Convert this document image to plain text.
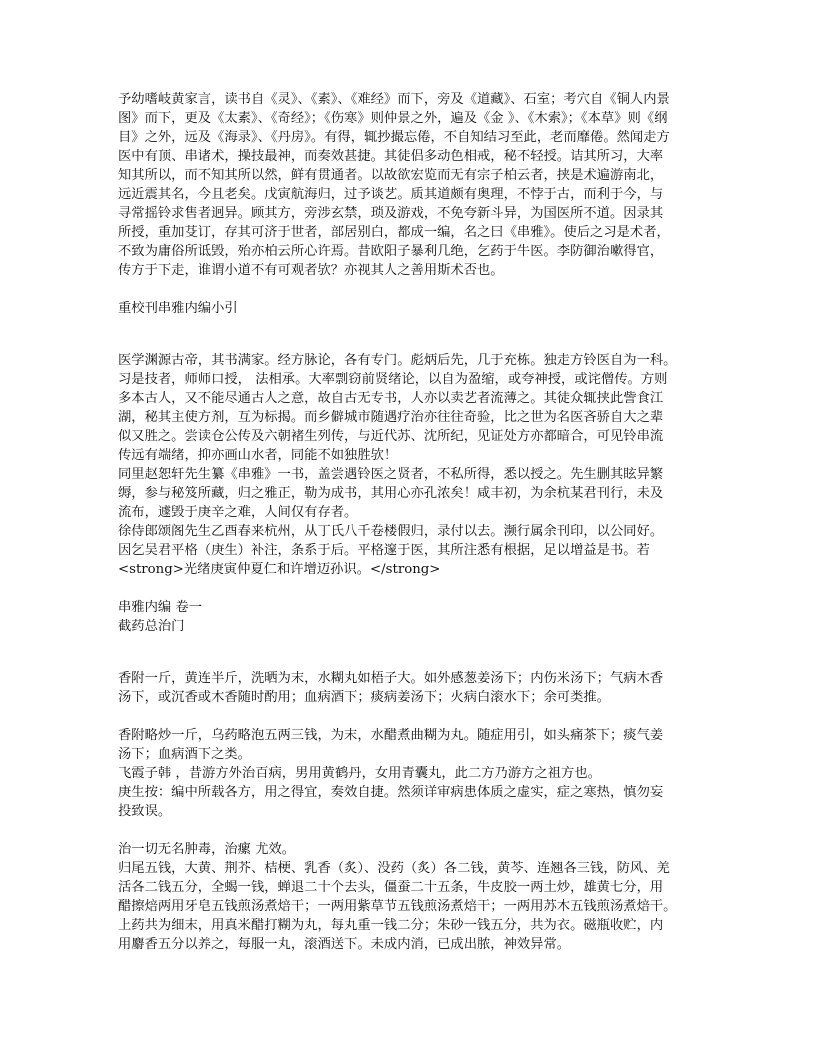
予幼嗜岐黄家言，读书自《灵》、《素》、《难经》而下，旁及《道藏》、石室；考穴自《铜人内景
图》而下，更及《太素》、《奇经》；《伤寒》则仲景之外，遍及《金 》、《木索》；《本草》则《纲
目》之外，远及《海录》、《丹房》。有得，辄抄撮忘倦，不自知结习至此，老而靡倦。然闻走方
医中有顶、串诸术，操技最神，而奏效甚捷。其徒侣多动色相戒，秘不轻授。诘其所习，大率
知其所以，而不知其所以然，鲜有贯通者。以故欲宏览而无有宗子柏云者，挟是术遍游南北，
远近震其名，今且老矣。戊寅航海归，过予谈艺。质其道颇有奥理，不悖于古，而利于今，与
寻常摇铃求售者迥异。顾其方，旁涉玄禁，琐及游戏，不免夸新斗异，为国医所不道。因录其
所授，重加芟订，存其可济于世者，部居别白，都成一编，名之曰《串雅》。使后之习是术者，
不致为庸俗所诋毁，殆亦柏云所心许焉。昔欧阳子暴利几绝，乞药于牛医。李防御治嗽得官，
传方于下走，谁谓小道不有可观者欤？亦视其人之善用斯术否也。
重校刊串雅内编小引
医学渊源古帝，其书满家。经方脉论，各有专门。彪炳后先，几于充栋。独走方铃医自为一科。
习是技者，师师口授， 法相承。大率剽窃前贤绪论，以自为盈缩，或夸神授，或诧僧传。方则
多本古人，又不能尽通古人之意，故自古无专书，人亦以卖艺者流薄之。其徒众辄挟此訾食江
湖，秘其主使方剂，互为标揭。而乡僻城市随遇疗治亦往往奇验，比之世为名医吝骄自大之辈
似又胜之。尝读仓公传及六朝褚生列传，与近代苏、沈所纪，见证处方亦都暗合，可见铃串流
传远有端绪，抑亦画山水者，同能不如独胜欤！
同里赵恕轩先生纂《串雅》一书，盖尝遇铃医之贤者，不私所得，悉以授之。先生删其眩异繁
缛，参与秘笈所藏，归之雅正，勒为成书，其用心亦孔浓矣！咸丰初，为余杭某君刊行，未及
流布，遽毁于庚辛之难，人间仅有存者。
徐侍郎颂阁先生乙酉春来杭州，从丁氏八千卷楼假归，录付以去。濒行属余刊印，以公同好。
因乞吴君平格（庚生）补注，条系于后。平格邃于医，其所注悉有根据，足以增益是书。若
<strong>光绪庚寅仲夏仁和许增迈孙识。</strong>
串雅内编 卷一
截药总治门
香附一斤，黄连半斤，洗晒为末，水糊丸如梧子大。如外感葱姜汤下；内伤米汤下；气病木香
汤下，或沉香或木香随时酌用；血病酒下；痰病姜汤下；火病白滚水下；余可类推。
香附略炒一斤，乌药略泡五两三钱，为末，水醋煮曲糊为丸。随症用引，如头痛茶下；痰气姜
汤下；血病酒下之类。
飞霞子韩 ，昔游方外治百病，男用黄鹤丹，女用青囊丸，此二方乃游方之祖方也。
庚生按：编中所载各方，用之得宜，奏效自捷。然须详审病患体质之虚实，症之寒热，慎勿妄
投致误。
治一切无名肿毒，治瘰 尤效。
归尾五钱，大黄、荆芥、桔梗、乳香（炙）、没药（炙）各二钱，黄芩、连翘各三钱，防风、羌
活各二钱五分，全蝎一钱，蝉退二十个去头，僵蚕二十五条，牛皮胶一两土炒，雄黄七分，用
醋擦焙两用牙皂五钱煎汤煮焙干；一两用紫草节五钱煎汤煮焙干；一两用苏木五钱煎汤煮焙干。
上药共为细末，用真米醋打糊为丸，每丸重一钱二分；朱砂一钱五分，共为衣。磁瓶收贮，内
用麝香五分以养之，每服一丸，滚酒送下。未成内消，已成出脓，神效异常。
